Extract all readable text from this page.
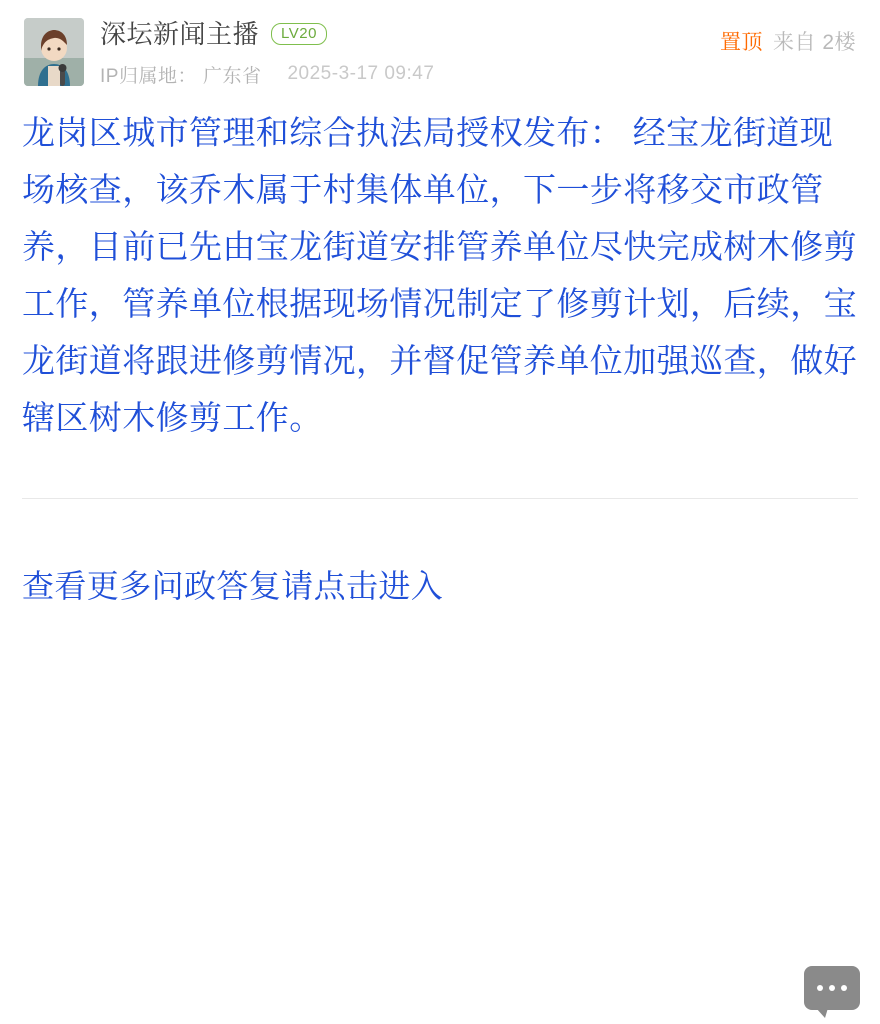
深坛新闻主播	LV20
IP归属地： 广东省 2025-3-17 09:47
置顶 来自 2楼

龙岗区城市管理和综合执法局授权发布： 经宝龙街道现场核查，该乔木属于村集体单位，下一步将移交市政管养，目前已先由宝龙街道安排管养单位尽快完成树木修剪工作，管养单位根据现场情况制定了修剪计划，后续，宝龙街道将跟进修剪情况，并督促管养单位加强巡查，做好辖区树木修剪工作。

查看更多问政答复请点击进入
